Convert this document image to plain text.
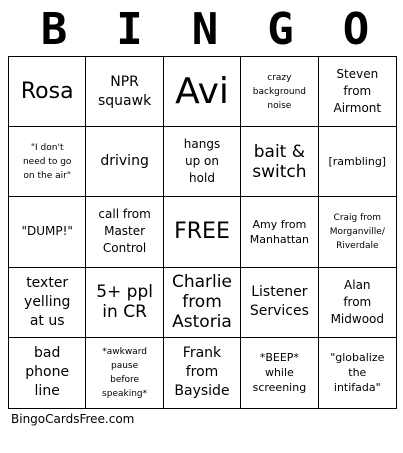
B I N G O
Rosa	NPR
squawk Avi	crazy
background
noise
Steven
from
Airmont
"I don't
need to go
on the air"
driving
hangs
up on
hold
bait &
switch [rambling]
"DUMP!"
call from
Master
Control
FREE Amy from
Manhattan
Craig from
Morganville/
Riverdale
texter
yelling
at us
5+ ppl
in CR
Charlie
from
Astoria
Listener
Services
Alan
from
Midwood
bad
phone
line
*awkward
pause
before
speaking*
Frank
from
Bayside
*BEEP*
while
screening
"globalize
the
intifada"
BingoCardsFree.com
